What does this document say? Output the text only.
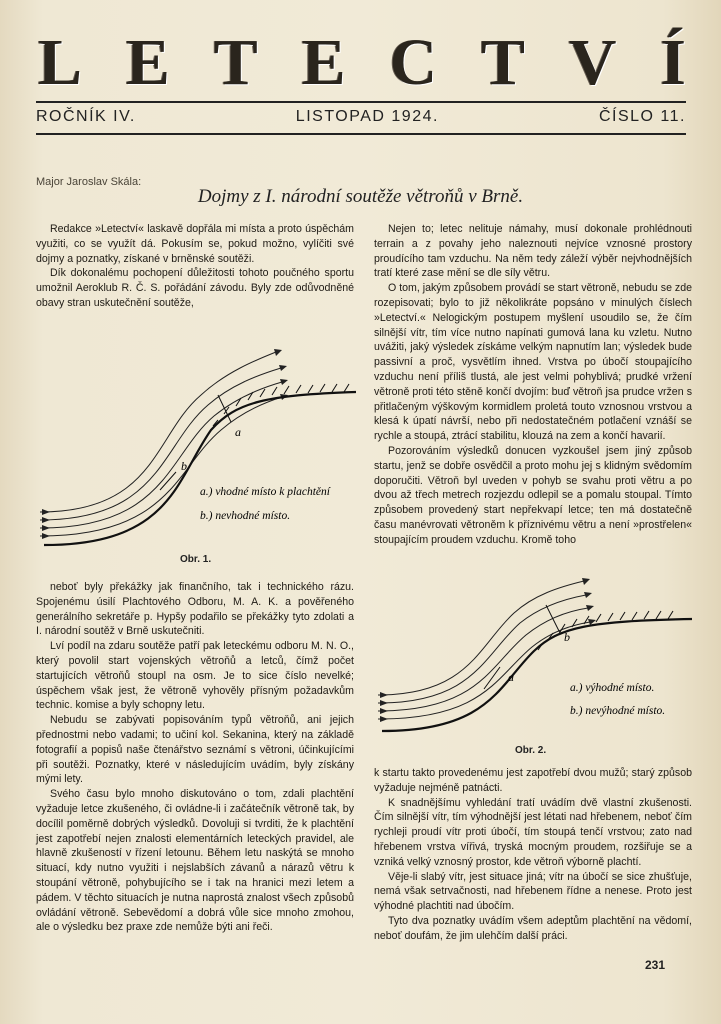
L E T E C T V Í
ROČNÍK IV.	LISTOPAD 1924.	ČÍSLO 11.
Major Jaroslav Skála:
Dojmy z I. národní soutěže větroňů v Brně.

Redakce »Letectví« laskavě dopřála mi místa a proto úspěchám využiti, co se využít dá. Pokusím se, pokud možno, vylíčiti své dojmy a poznatky, získané v brněnské soutěži.

Dík dokonalému pochopení důležitosti tohoto poučného sportu umožnil Aeroklub R. Č. S. pořádání závodu. Byly zde odůvodněné obavy stran uskutečnění soutěže,

a
b
a.) vhodné místo k plachtění
b.) nevhodné místo.
Obr. 1.

neboť byly překážky jak finančního, tak i technického rázu. Spojenému úsilí Plachtového Odboru, M. A. K. a pověřeného generálního sekretáře p. Hypšy podařilo se překážky tyto zdolati a I. národní soutěž v Brně uskutečniti.

Lví podíl na zdaru soutěže patří pak leteckému odboru M. N. O., který povolil start vojenských větroňů a letců, čímž počet startujících větroňů stoupl na osm. Je to sice číslo nevelké; úspěchem však jest, že větroně vyhověly přísným požadavkům technic. komise a byly schopny letu.

Nebudu se zabývati popisováním typů větroňů, ani jejich přednostmi nebo vadami; to učiní kol. Sekanina, který na základě fotografií a popisů naše čtenářstvo seznámí s větroni, účinkujícími při soutěži. Poznatky, které v následujícím uvádím, byly získány mými lety.

Svého času bylo mnoho diskutováno o tom, zdali plachtění vyžaduje letce zkušeného, či ovládne-li i začátečník větroně tak, by docílil poměrně dobrých výsledků. Dovoluji si tvrditi, že k plachtění jest zapotřebí nejen znalosti elementárních leteckých pravidel, ale hlavně zkušeností v řízení letounu. Během letu naskýtá se mnoho situací, kdy nutno využiti i nejslabších závanů a nárazů větru k stoupání větroně, pohybujícího se i tak na hranici mezi letem a pádem. V těchto situacích je nutna naprostá znalost všech způsobů ovládání větroně. Sebevědomí a dobrá vůle sice mnoho zmohou, ale o výsledku bez praxe zde nemůže býti ani řeči.

Nejen to; letec nelituje námahy, musí dokonale prohlédnouti terrain a z povahy jeho naleznouti nejvíce vznosné prostory proudícího tam vzduchu. Na něm tedy záleží výběr nejvhodnějších tratí které zase mění se dle síly větru.

O tom, jakým způsobem provádí se start větroně, nebudu se zde rozepisovati; bylo to již několikráte popsáno v minulých číslech »Letectví.« Nelogickým postupem myšlení usoudilo se, že čím silnější vítr, tím více nutno napínati gumová lana ku vzletu. Nutno uvážiti, jaký výsledek získáme velkým napnutím lan; výsledek bude passivní a proč, vysvětlím ihned. Vrstva po úbočí stoupajícího vzduchu není příliš tlustá, ale jest velmi pohyblivá; prudké vržení větroně proti této stěně končí dvojím: buď větroň jsa prudce vržen s přitlačeným výškovým kormidlem proletá touto vznosnou vrstvou a klesá k úpatí návrší, nebo při nedostatečném potlačení vznáší se rychle a stoupá, ztrácí stabilitu, klouzá na zem a končí havarií.

Pozorováním výsledků donucen vyzkoušel jsem jiný způsob startu, jenž se dobře osvědčil a proto mohu jej s klidným svědomím doporučiti. Větroň byl uveden v pohyb se svahu proti větru a po dvou až třech metrech rozjezdu odlepil se a pomalu stoupal. Tímto způsobem provedený start nepřekvapí letce; ten má dostatečně času manévrovati větroněm k příznivému větru a není »prostřelen« stoupajícím proudem vzduchu. Kromě toho

b
a
a.) výhodné místo.
b.) nevýhodné místo.
Obr. 2.

k startu takto provedenému jest zapotřebí dvou mužů; starý způsob vyžaduje nejméně patnácti.

K snadnějšímu vyhledání tratí uvádím dvě vlastní zkušenosti. Čím silnější vítr, tím výhodnější jest létati nad hřebenem, neboť čím rychleji proudí vítr proti úbočí, tím stoupá tenčí vrstvou; zato nad hřebenem vrstva vířivá, tryská mocným proudem, rozšiřuje se a vzniká velký vznosný prostor, kde větroň výborně plachtí.

Věje-li slabý vítr, jest situace jiná; vítr na úbočí se sice zhušťuje, nemá však setrvačnosti, nad hřebenem řídne a nenese. Proto jest výhodné plachtiti nad úbočím.

Tyto dva poznatky uvádím všem adeptům plachtění na vědomí, neboť doufám, že jim ulehčím další práci.

231
